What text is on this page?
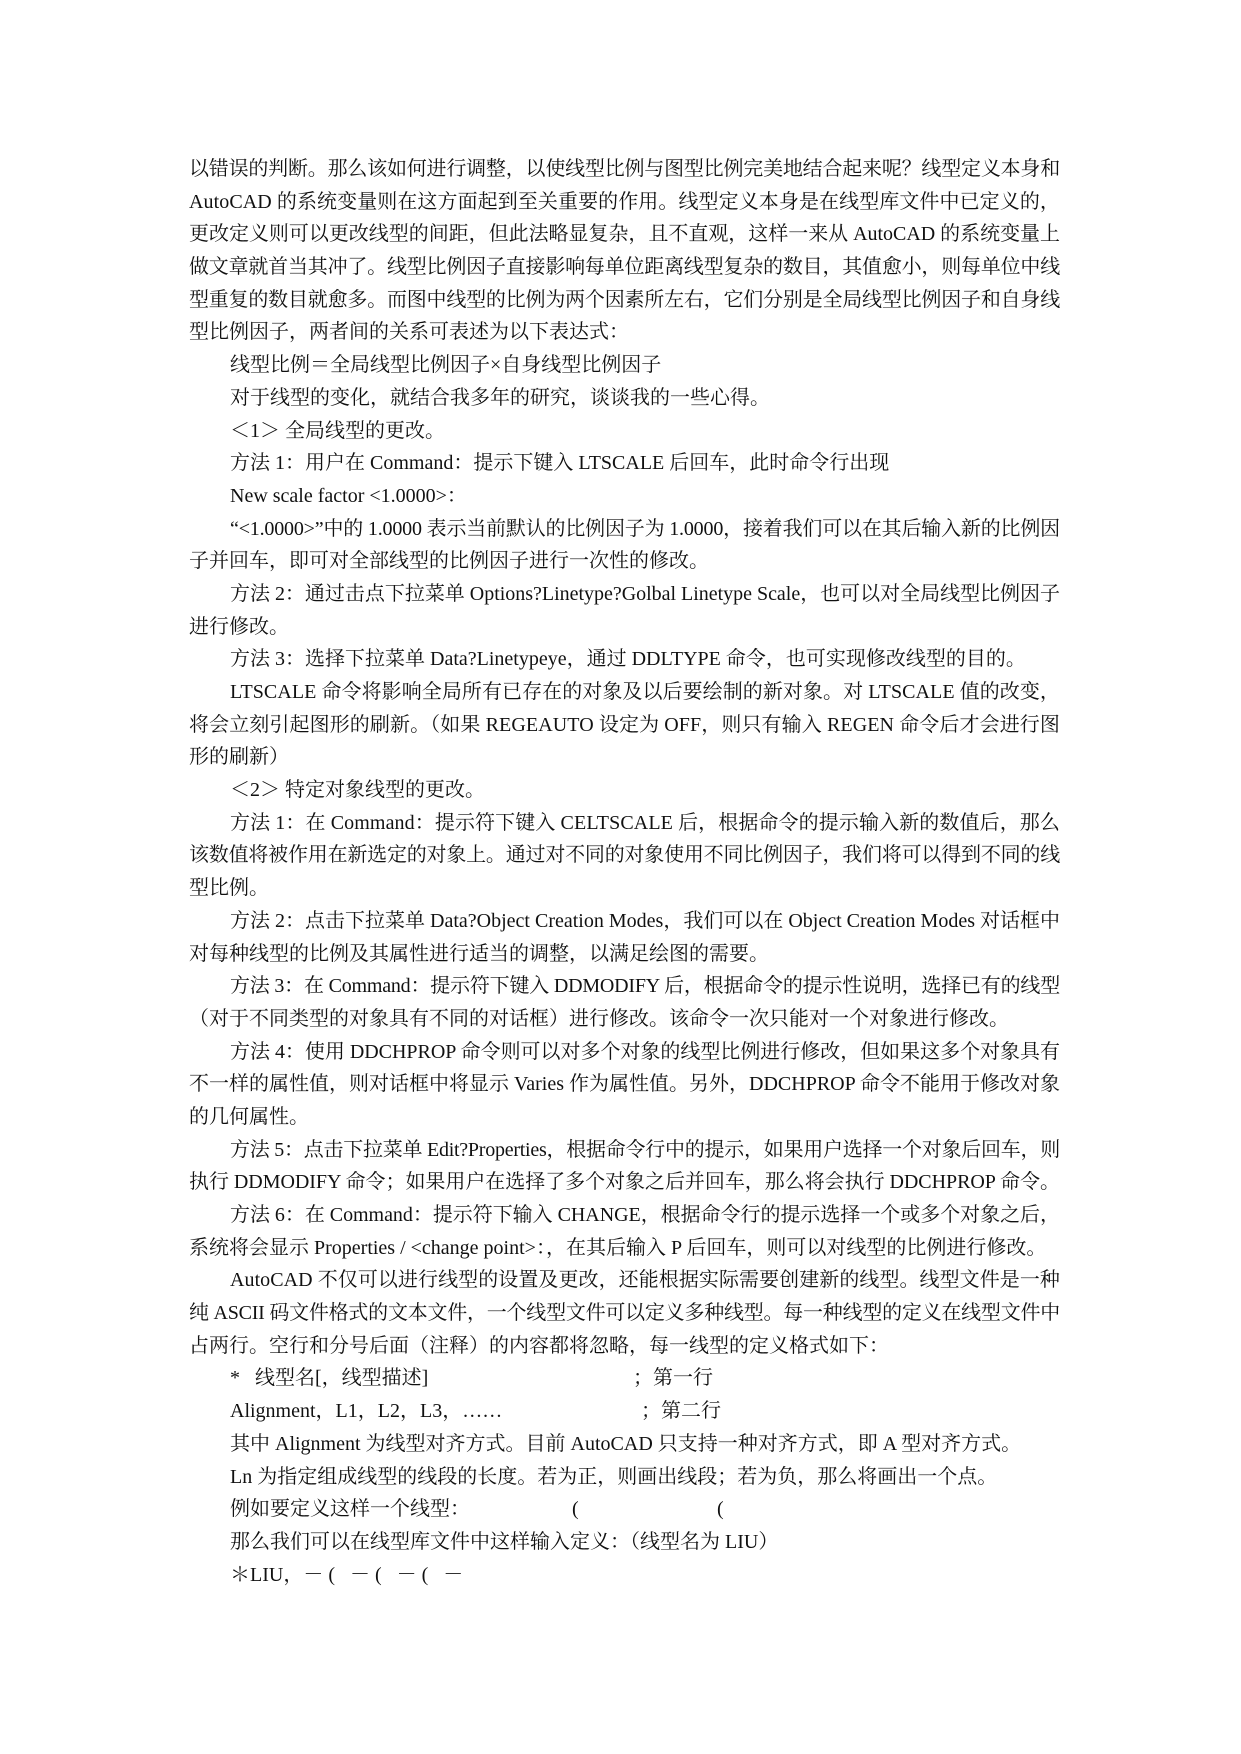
以错误的判断。那么该如何进行调整，以使线型比例与图型比例完美地结合起来呢？线型定义本身和
AutoCAD 的系统变量则在这方面起到至关重要的作用。线型定义本身是在线型库文件中已定义的，
更改定义则可以更改线型的间距，但此法略显复杂，且不直观，这样一来从 AutoCAD 的系统变量上
做文章就首当其冲了。线型比例因子直接影响每单位距离线型复杂的数目，其值愈小，则每单位中线
型重复的数目就愈多。而图中线型的比例为两个因素所左右，它们分别是全局线型比例因子和自身线
型比例因子，两者间的关系可表述为以下表达式：
线型比例＝全局线型比例因子×自身线型比例因子
对于线型的变化，就结合我多年的研究，谈谈我的一些心得。
＜1＞ 全局线型的更改。
方法 1：用户在 Command：提示下键入 LTSCALE 后回车，此时命令行出现
New scale factor <1.0000>：
“<1.0000>”中的 1.0000 表示当前默认的比例因子为 1.0000，接着我们可以在其后输入新的比例因
子并回车，即可对全部线型的比例因子进行一次性的修改。
方法 2：通过击点下拉菜单 Options?Linetype?Golbal Linetype Scale，也可以对全局线型比例因子
进行修改。
方法 3：选择下拉菜单 Data?Linetypeye，通过 DDLTYPE 命令，也可实现修改线型的目的。
LTSCALE 命令将影响全局所有已存在的对象及以后要绘制的新对象。对 LTSCALE 值的改变，
将会立刻引起图形的刷新。（如果 REGEAUTO 设定为 OFF，则只有输入 REGEN 命令后才会进行图
形的刷新）
＜2＞ 特定对象线型的更改。
方法 1：在 Command：提示符下键入 CELTSCALE 后，根据命令的提示输入新的数值后，那么
该数值将被作用在新选定的对象上。通过对不同的对象使用不同比例因子，我们将可以得到不同的线
型比例。
方法 2：点击下拉菜单 Data?Object Creation Modes，我们可以在 Object Creation Modes 对话框中
对每种线型的比例及其属性进行适当的调整，以满足绘图的需要。
方法 3：在 Command：提示符下键入 DDMODIFY 后，根据命令的提示性说明，选择已有的线型
（对于不同类型的对象具有不同的对话框）进行修改。该命令一次只能对一个对象进行修改。
方法 4：使用 DDCHPROP 命令则可以对多个对象的线型比例进行修改，但如果这多个对象具有
不一样的属性值，则对话框中将显示 Varies 作为属性值。另外，DDCHPROP 命令不能用于修改对象
的几何属性。
方法 5：点击下拉菜单 Edit?Properties，根据命令行中的提示，如果用户选择一个对象后回车，则
执行 DDMODIFY 命令；如果用户在选择了多个对象之后并回车，那么将会执行 DDCHPROP 命令。
方法 6：在 Command：提示符下输入 CHANGE，根据命令行的提示选择一个或多个对象之后，
系统将会显示 Properties / <change point>：，在其后输入 P 后回车，则可以对线型的比例进行修改。
AutoCAD 不仅可以进行线型的设置及更改，还能根据实际需要创建新的线型。线型文件是一种
纯 ASCII 码文件格式的文本文件，一个线型文件可以定义多种线型。每一种线型的定义在线型文件中
占两行。空行和分号后面（注释）的内容都将忽略，每一线型的定义格式如下：
*   线型名[，线型描述]	；第一行
Alignment，L1，L2，L3，……	；第二行
其中 Alignment 为线型对齐方式。目前 AutoCAD 只支持一种对齐方式，即 A 型对齐方式。
Ln 为指定组成线型的线段的长度。若为正，则画出线段；若为负，那么将画出一个点。
例如要定义这样一个线型：	(	(
那么我们可以在线型库文件中这样输入定义：（线型名为 LIU）
＊LIU，－ (   － (   － (   －
